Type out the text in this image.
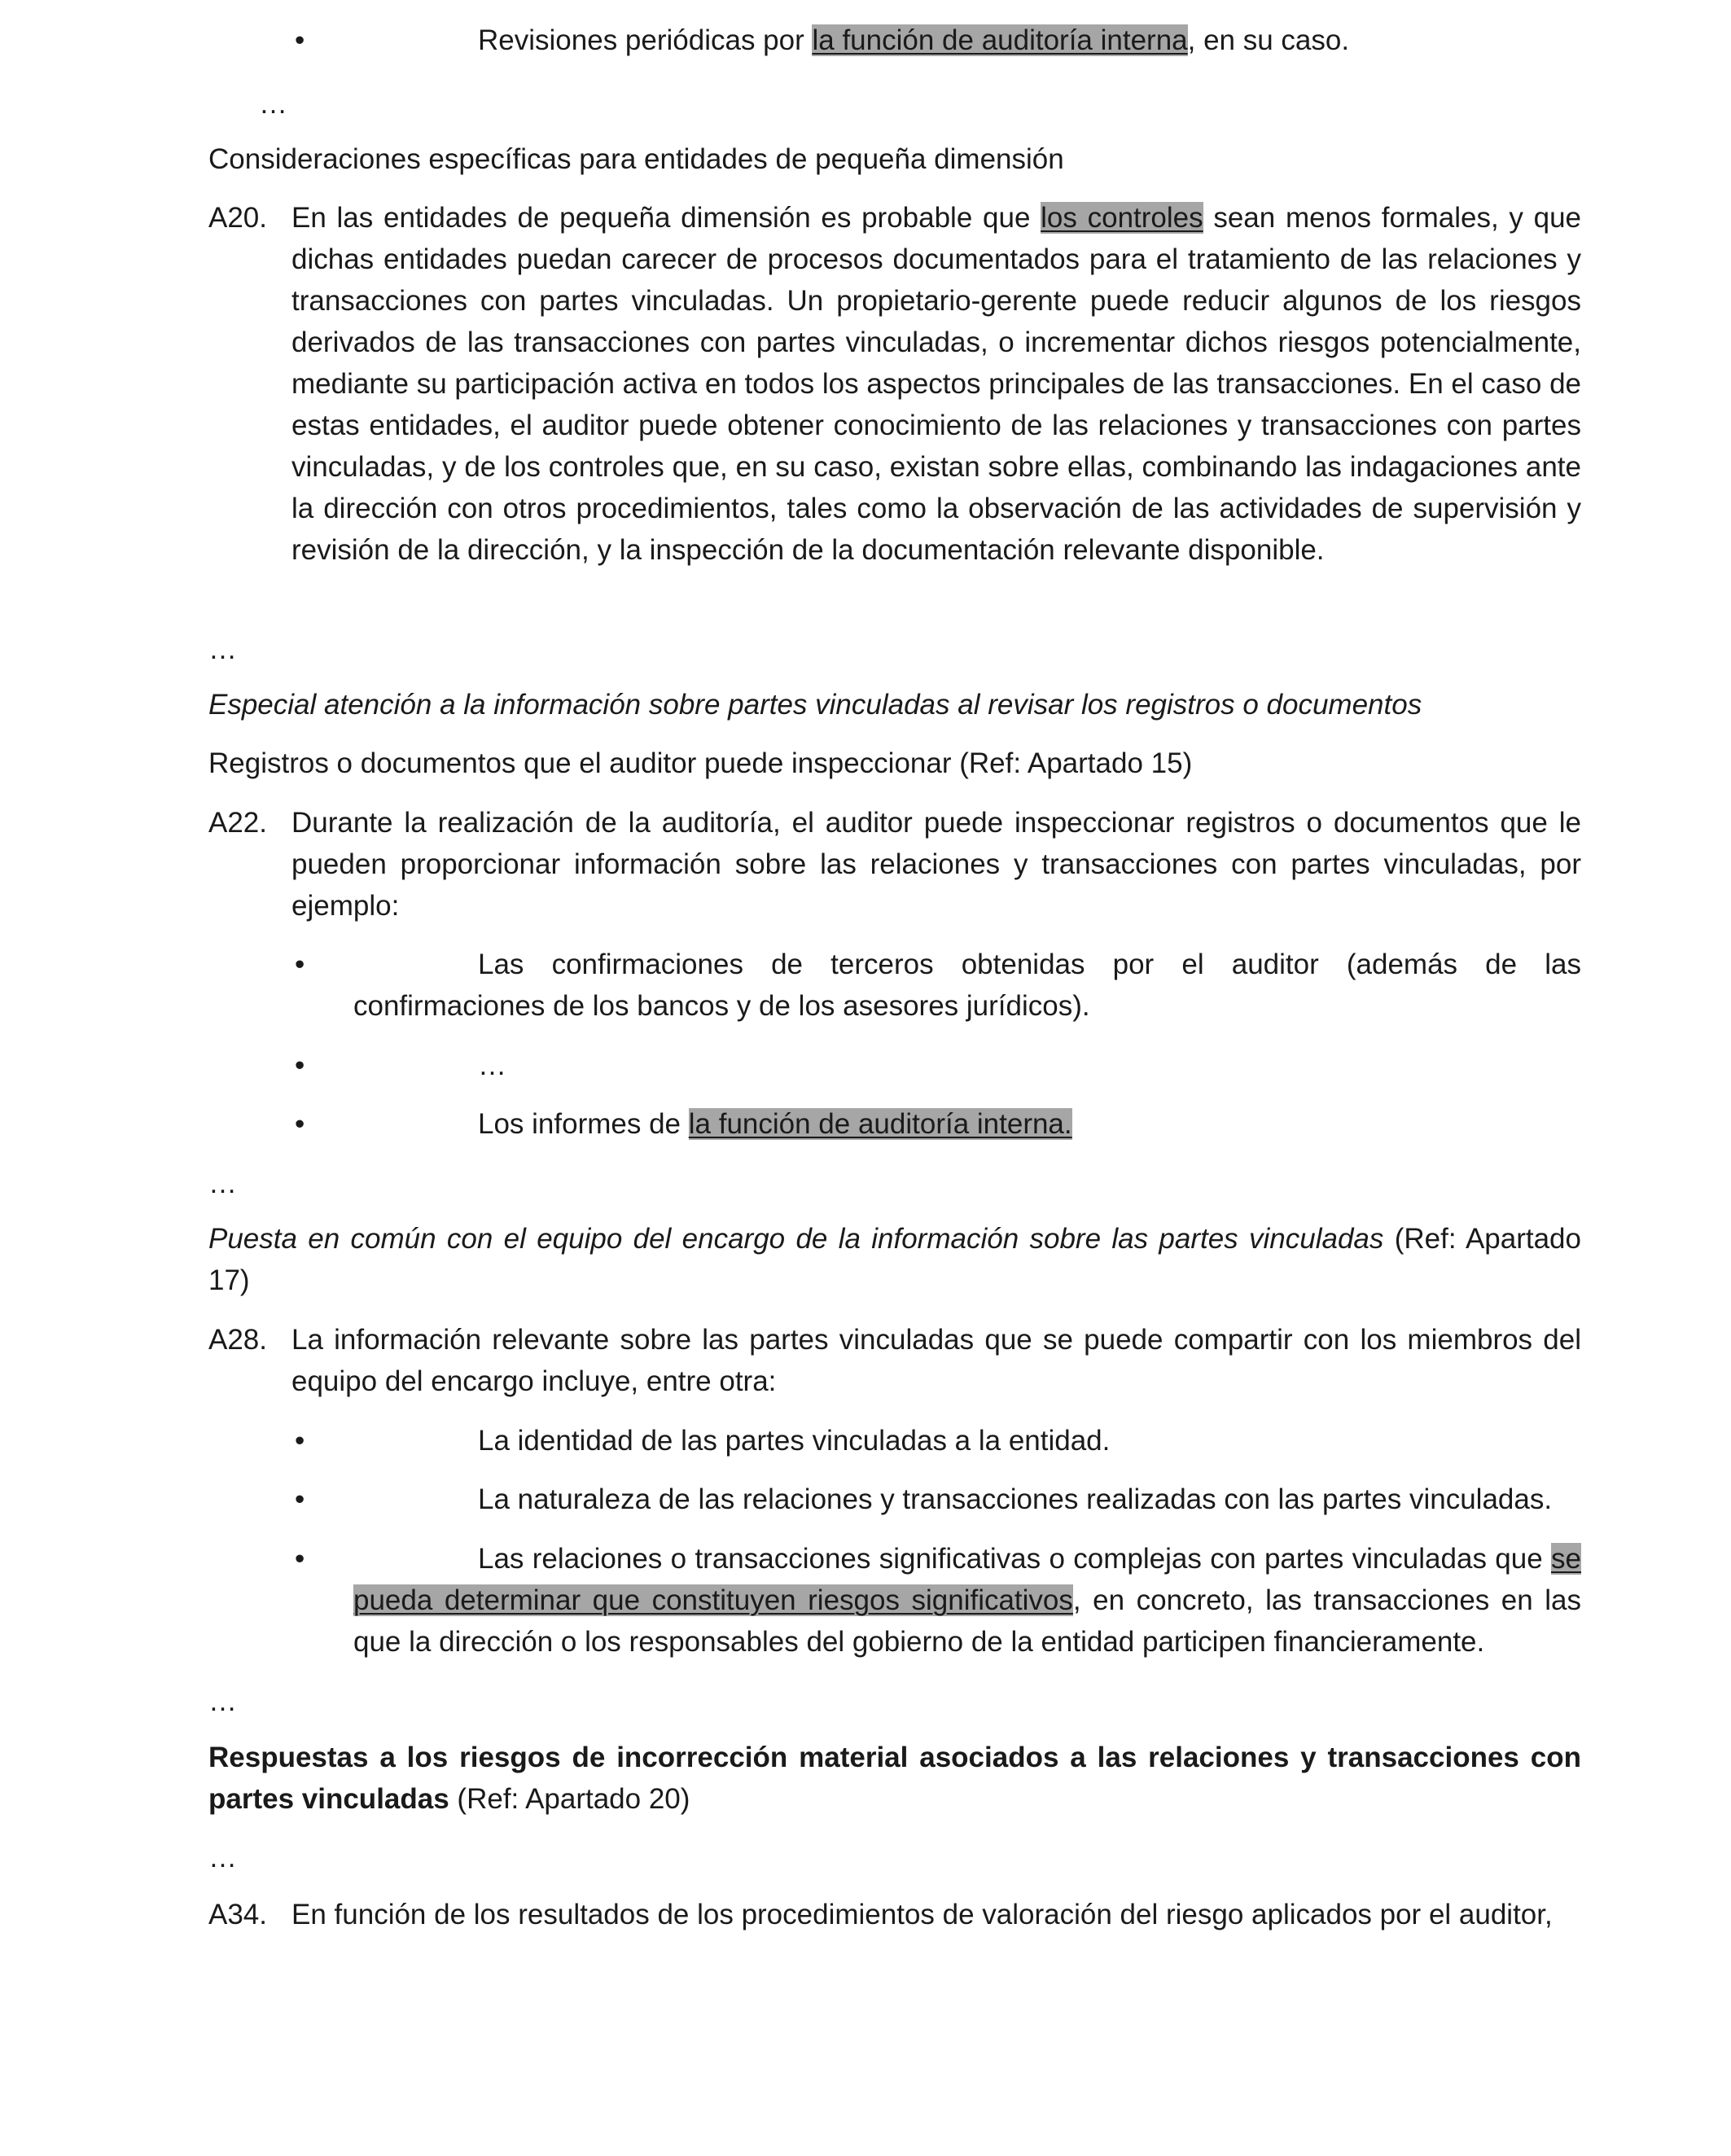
•	Revisiones periódicas por la función de auditoría interna, en su caso.

…
Consideraciones específicas para entidades de pequeña dimensión
A20. En las entidades de pequeña dimensión es probable que los controles sean menos formales, y que dichas entidades puedan carecer de procesos documentados para el tratamiento de las relaciones y transacciones con partes vinculadas. Un propietario-gerente puede reducir algunos de los riesgos derivados de las transacciones con partes vinculadas, o incrementar dichos riesgos potencialmente, mediante su participación activa en todos los aspectos principales de las transacciones. En el caso de estas entidades, el auditor puede obtener conocimiento de las relaciones y transacciones con partes vinculadas, y de los controles que, en su caso, existan sobre ellas, combinando las indagaciones ante la dirección con otros procedimientos, tales como la observación de las actividades de supervisión y revisión de la dirección, y la inspección de la documentación relevante disponible.

…
Especial atención a la información sobre partes vinculadas al revisar los registros o documentos
Registros o documentos que el auditor puede inspeccionar (Ref: Apartado 15)
A22. Durante la realización de la auditoría, el auditor puede inspeccionar registros o documentos que le pueden proporcionar información sobre las relaciones y transacciones con partes vinculadas, por ejemplo:

•	Las confirmaciones de terceros obtenidas por el auditor (además de las confirmaciones de los bancos y de los asesores jurídicos).

•	…

•	Los informes de la función de auditoría interna.

…

Puesta en común con el equipo del encargo de la información sobre las partes vinculadas (Ref: Apartado 17)

A28. La información relevante sobre las partes vinculadas que se puede compartir con los miembros del equipo del encargo incluye, entre otra:

•	La identidad de las partes vinculadas a la entidad.

•	La naturaleza de las relaciones y transacciones realizadas con las partes vinculadas.

•	Las relaciones o transacciones significativas o complejas con partes vinculadas que se pueda determinar que constituyen riesgos significativos, en concreto, las transacciones en las que la dirección o los responsables del gobierno de la entidad participen financieramente.

…

Respuestas a los riesgos de incorrección material asociados a las relaciones y transacciones con partes vinculadas (Ref: Apartado 20)

…
A34. En función de los resultados de los procedimientos de valoración del riesgo aplicados por el auditor,
